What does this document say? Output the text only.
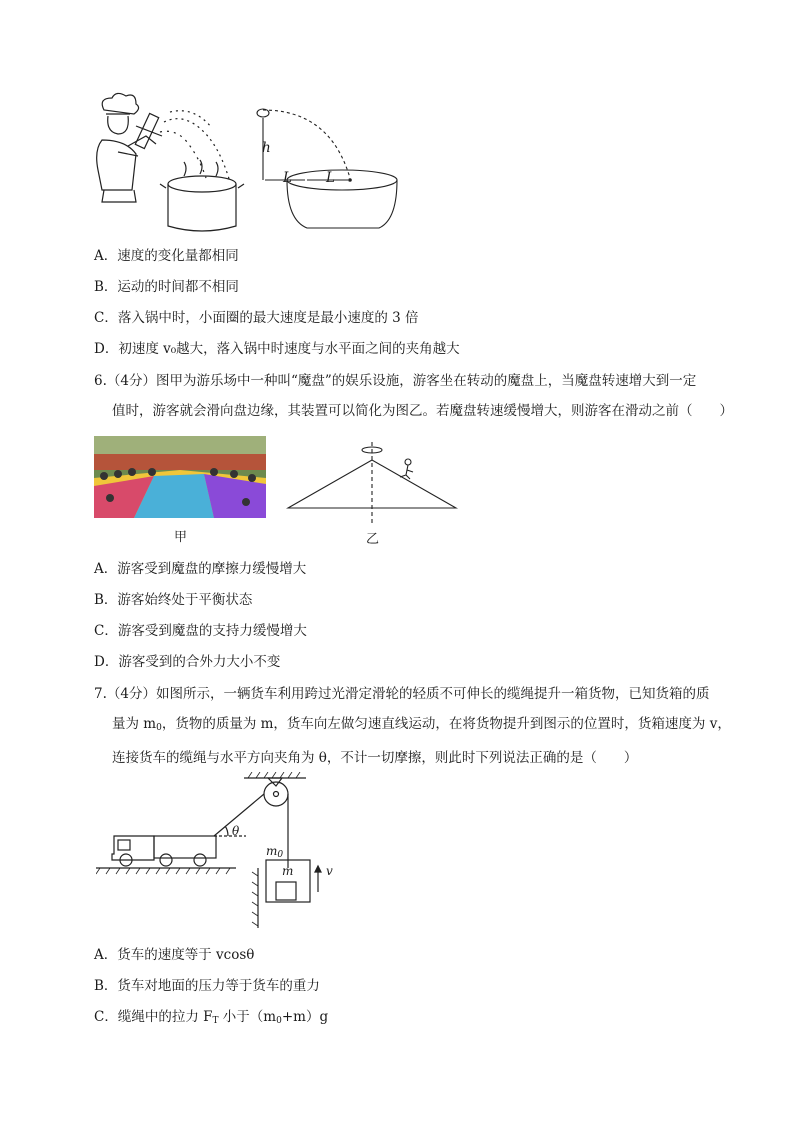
h
L	L
A．速度的变化量都相同
B．运动的时间都不相同
C．落入锅中时，小面圈的最大速度是最小速度的 3 倍
D．初速度 v₀越大，落入锅中时速度与水平面之间的夹角越大

6.（4分）图甲为游乐场中一种叫“魔盘”的娱乐设施，游客坐在转动的魔盘上，当魔盘转速增大到一定

值时，游客就会滑向盘边缘，其装置可以简化为图乙。若魔盘转速缓慢增大，则游客在滑动之前（　　）

甲	乙
A．游客受到魔盘的摩擦力缓慢增大
B．游客始终处于平衡状态
C．游客受到魔盘的支持力缓慢增大
D．游客受到的合外力大小不变

7.（4分）如图所示，一辆货车利用跨过光滑定滑轮的轻质不可伸长的缆绳提升一箱货物，已知货箱的质

量为 $m_0$，货物的质量为 m，货车向左做匀速直线运动，在将货物提升到图示的位置时，货箱速度为 v，

连接货车的缆绳与水平方向夹角为 θ，不计一切摩擦，则此时下列说法正确的是（　　）

θ
$m_0$
m	v
A．货车的速度等于 vcosθ
B．货车对地面的压力等于货车的重力
C．缆绳中的拉力 $F_T$ 小于$(m_0+m)g$
